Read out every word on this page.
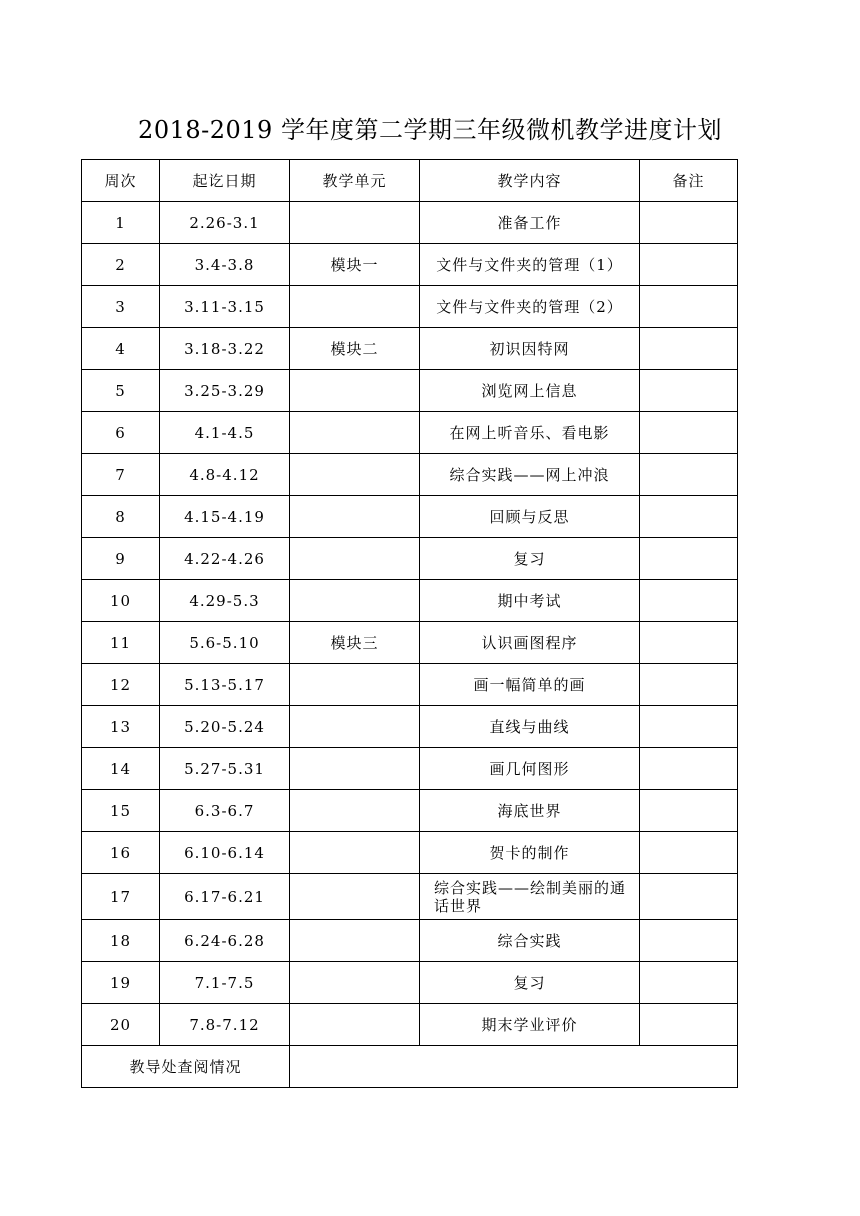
2018-2019 学年度第二学期三年级微机教学进度计划
周次	起讫日期	教学单元	教学内容	备注
1	2.26-3.1		准备工作	
2	3.4-3.8	模块一	文件与文件夹的管理（1）	
3	3.11-3.15		文件与文件夹的管理（2）	
4	3.18-3.22	模块二	初识因特网	
5	3.25-3.29		浏览网上信息	
6	4.1-4.5		在网上听音乐、看电影	
7	4.8-4.12		综合实践——网上冲浪	
8	4.15-4.19		回顾与反思	
9	4.22-4.26		复习	
10	4.29-5.3		期中考试	
11	5.6-5.10	模块三	认识画图程序	
12	5.13-5.17		画一幅简单的画	
13	5.20-5.24		直线与曲线	
14	5.27-5.31		画几何图形	
15	6.3-6.7		海底世界	
16	6.10-6.14		贺卡的制作	
17	6.17-6.21		综合实践——绘制美丽的通话世界	
18	6.24-6.28		综合实践	
19	7.1-7.5		复习	
20	7.8-7.12		期末学业评价	
教导处查阅情况				
